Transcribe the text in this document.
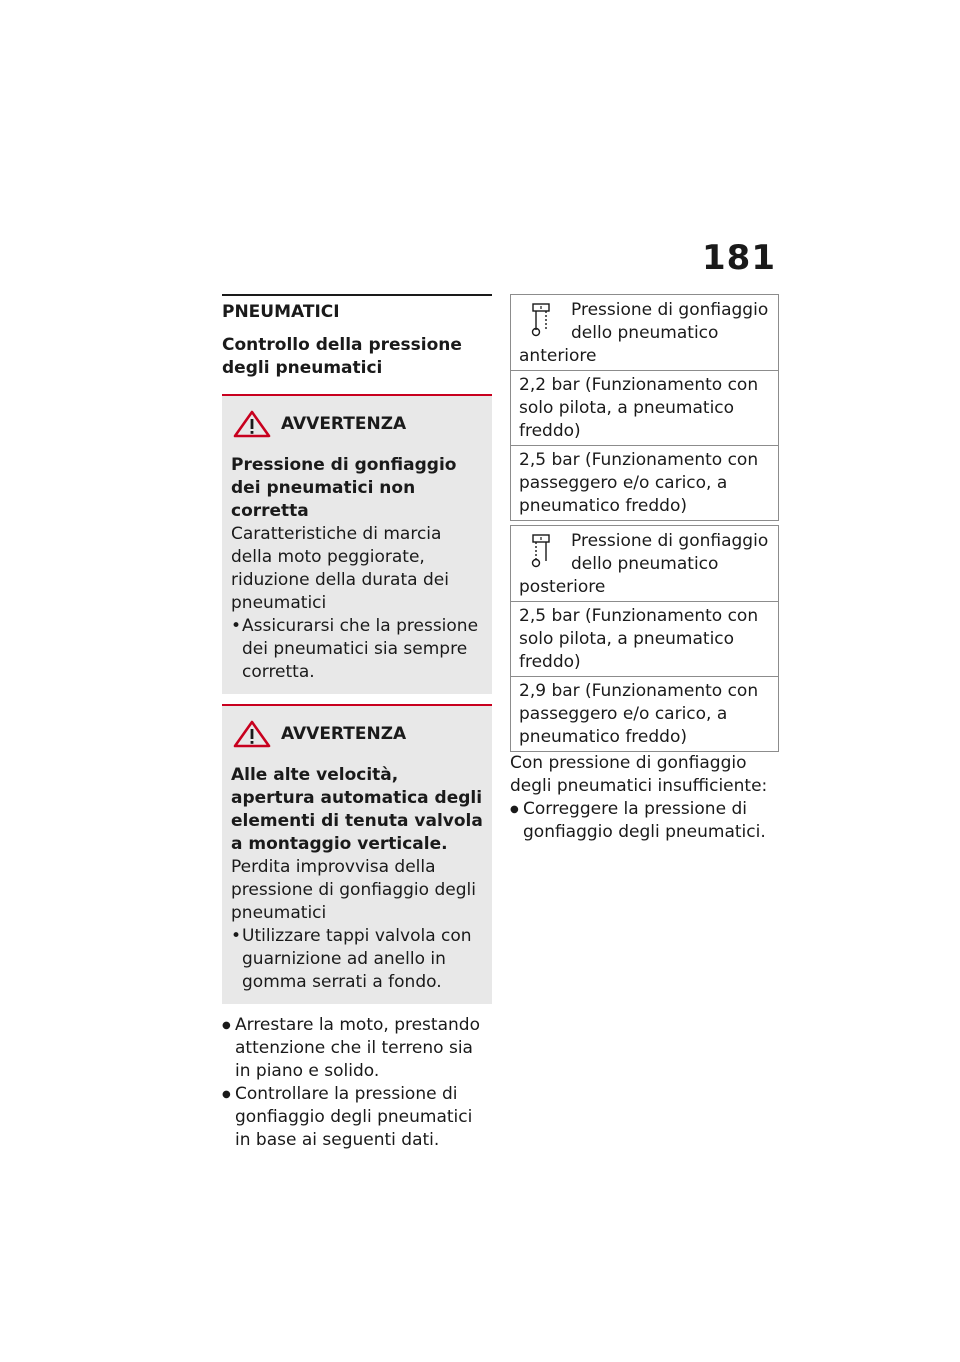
181
PNEUMATICI
Controllo della pressione degli pneumatici
AVVERTENZA
Pressione di gonfiaggio dei pneumatici non corretta
Caratteristiche di marcia della moto peggiorate, riduzione della durata dei pneumatici
• Assicurarsi che la pressione dei pneumatici sia sempre corretta.
AVVERTENZA
Alle alte velocità, apertura automatica degli elementi di tenuta valvola a montaggio verticale.
Perdita improvvisa della pressione di gonfiaggio degli pneumatici
• Utilizzare tappi valvola con guarnizione ad anello in gomma serrati a fondo.
● Arrestare la moto, prestando attenzione che il terreno sia in piano e solido.
● Controllare la pressione di gonfiaggio degli pneumatici in base ai seguenti dati.
Pressione di gonfiaggio dello pneumatico anteriore
2,2 bar (Funzionamento con solo pilota, a pneumatico freddo)
2,5 bar (Funzionamento con passeggero e/o carico, a pneumatico freddo)
Pressione di gonfiaggio dello pneumatico posteriore
2,5 bar (Funzionamento con solo pilota, a pneumatico freddo)
2,9 bar (Funzionamento con passeggero e/o carico, a pneumatico freddo)
Con pressione di gonfiaggio degli pneumatici insufficiente:
● Correggere la pressione di gonfiaggio degli pneumatici.
